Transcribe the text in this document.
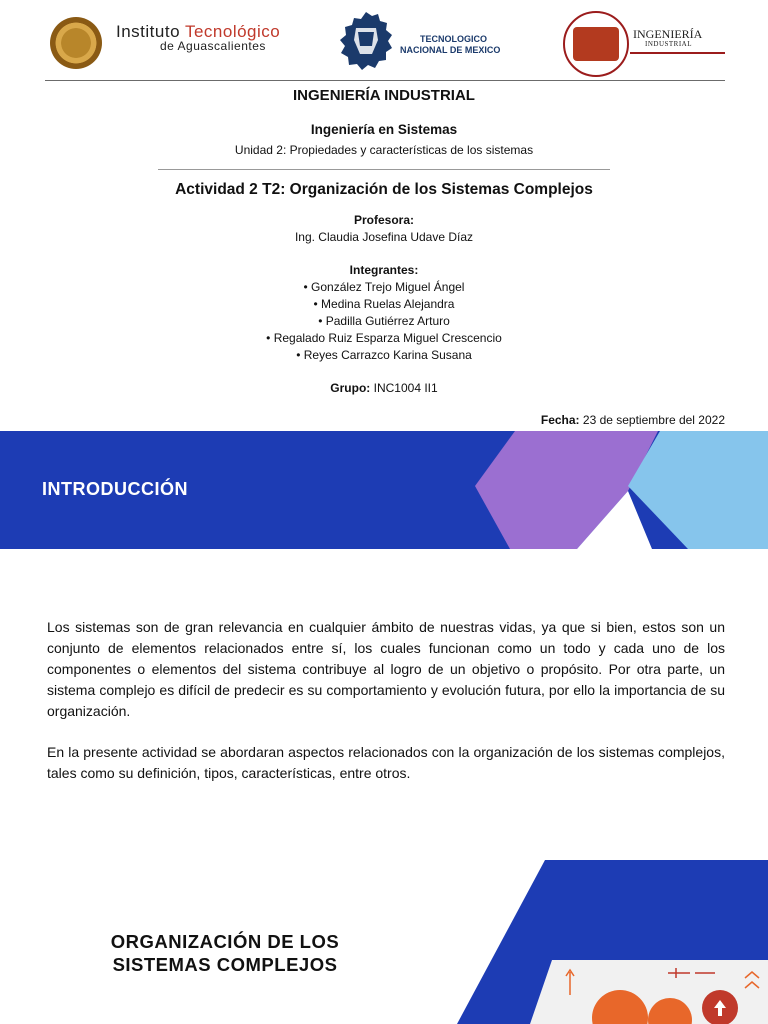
Instituto Tecnológico
de Aguascalientes	TECNOLOGICO
NACIONAL DE MEXICO
INGENIERÍA
INDUSTRIAL
INGENIERÍA INDUSTRIAL
Ingeniería en Sistemas
Unidad 2: Propiedades y características de los sistemas
Actividad 2 T2: Organización de los Sistemas Complejos
Profesora:
Ing. Claudia Josefina Udave Díaz
Integrantes:
• González Trejo Miguel Ángel
• Medina Ruelas Alejandra
• Padilla Gutiérrez Arturo
• Regalado Ruiz Esparza Miguel Crescencio
• Reyes Carrazco Karina Susana
Grupo: INC1004 II1
Fecha: 23 de septiembre del 2022
INTRODUCCIÓN
Los sistemas son de gran relevancia en cualquier ámbito de nuestras vidas, ya que si bien, estos son un conjunto de elementos relacionados entre sí, los cuales funcionan como un todo y cada uno de los componentes o elementos del sistema contribuye al logro de un objetivo o propósito. Por otra parte, un sistema complejo es difícil de predecir es su comportamiento y evolución futura, por ello la importancia de su organización.
En la presente actividad se abordaran aspectos relacionados con la organización de los sistemas complejos, tales como su definición, tipos, características, entre otros.
ORGANIZACIÓN DE LOS
SISTEMAS COMPLEJOS
